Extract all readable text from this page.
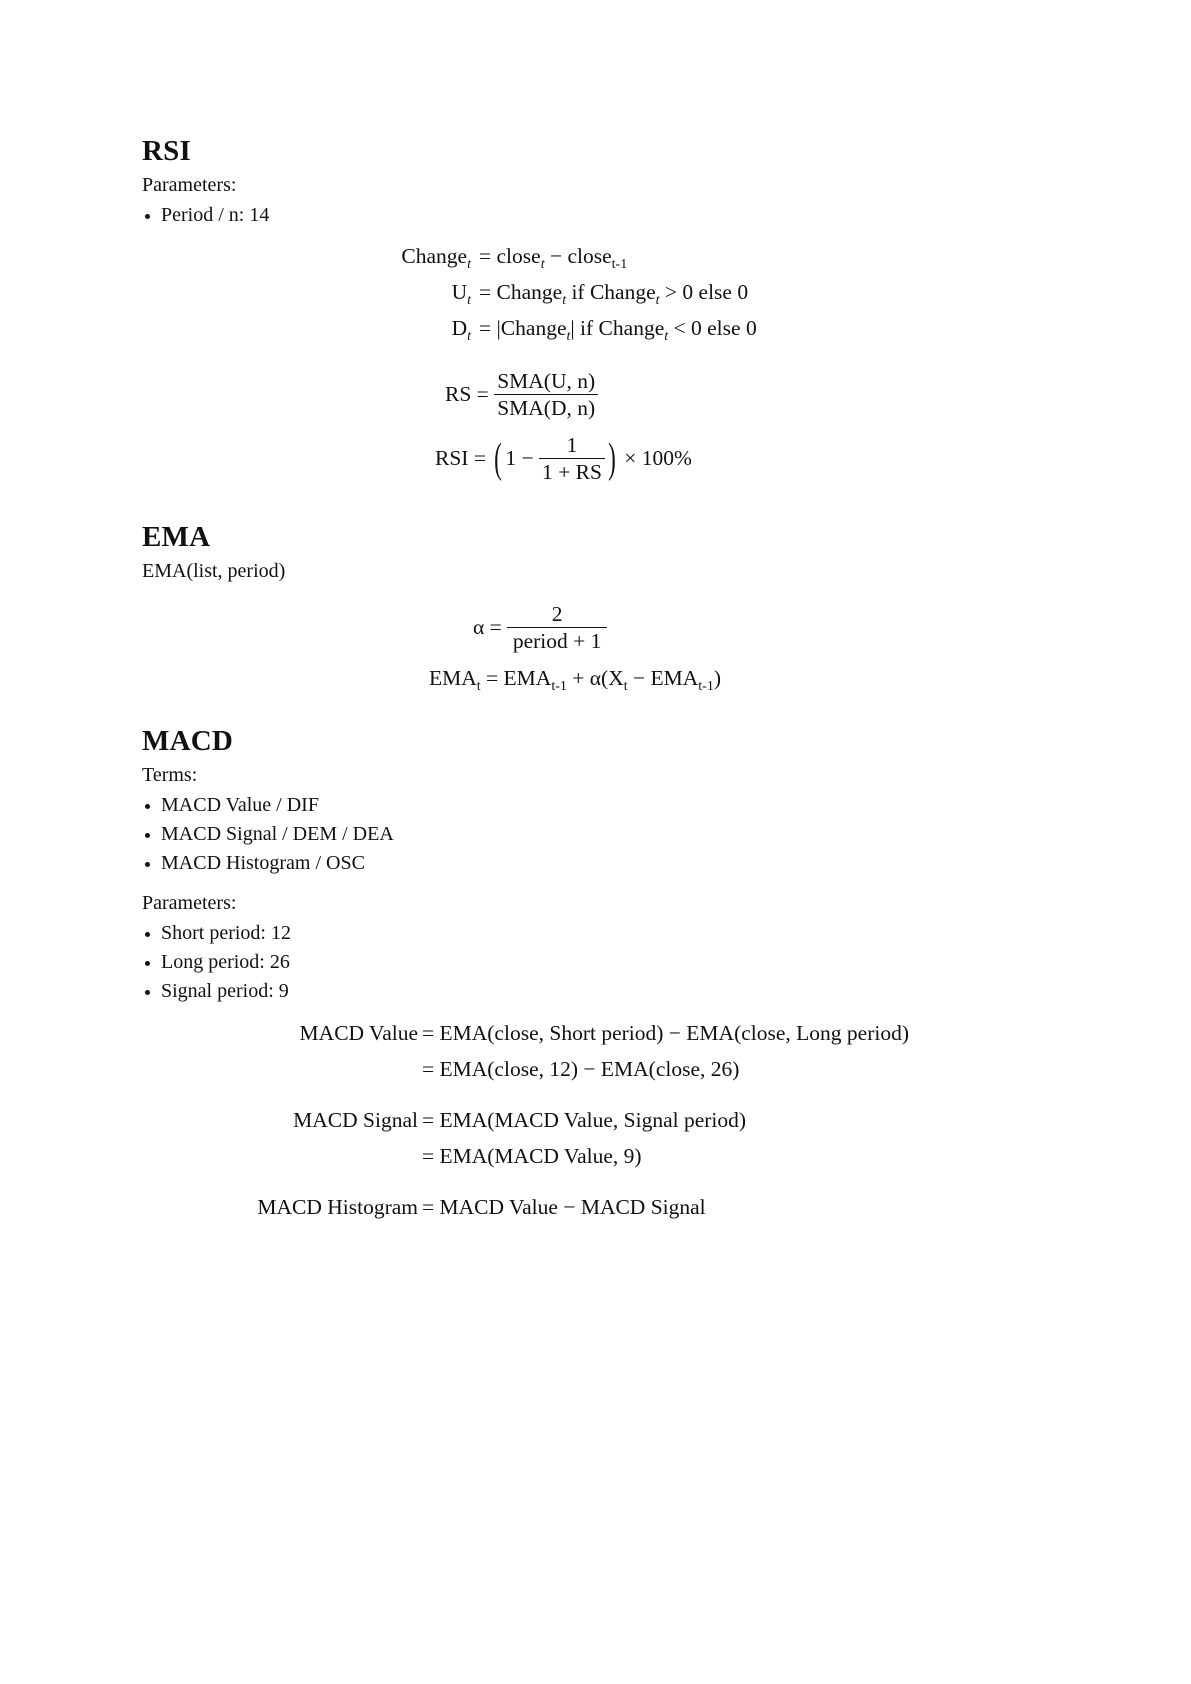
RSI

Parameters:

Period / n: 14
Change$_t$ = close$_t$ − close$_{t-1}$
$U_t$ = Change$_t$ if Change$_t$ > 0 else 0
$D_t$ = |Change$_t$| if Change$_t$ < 0 else 0
RS = $\frac{\text{SMA(U, n)}}{\text{SMA(D, n)}}$
RSI = ( $1 - \frac{1}{1 + RS}$ ) × 100%
EMA

EMA(list, period)

$\alpha = \frac{2}{\text{period + 1}}$
$EMA_t = EMA_{t-1} + \alpha(X_t - EMA_{t-1})$
MACD

Terms:

MACD Value / DIF
MACD Signal / DEM / DEA
MACD Histogram / OSC

Parameters:

Short period: 12
Long period: 26
Signal period: 9
MACD Value = EMA(close, Short period) − EMA(close, Long period)
= EMA(close, 12) − EMA(close, 26)
MACD Signal = EMA(MACD Value, Signal period)
= EMA(MACD Value, 9)
MACD Histogram = MACD Value − MACD Signal
